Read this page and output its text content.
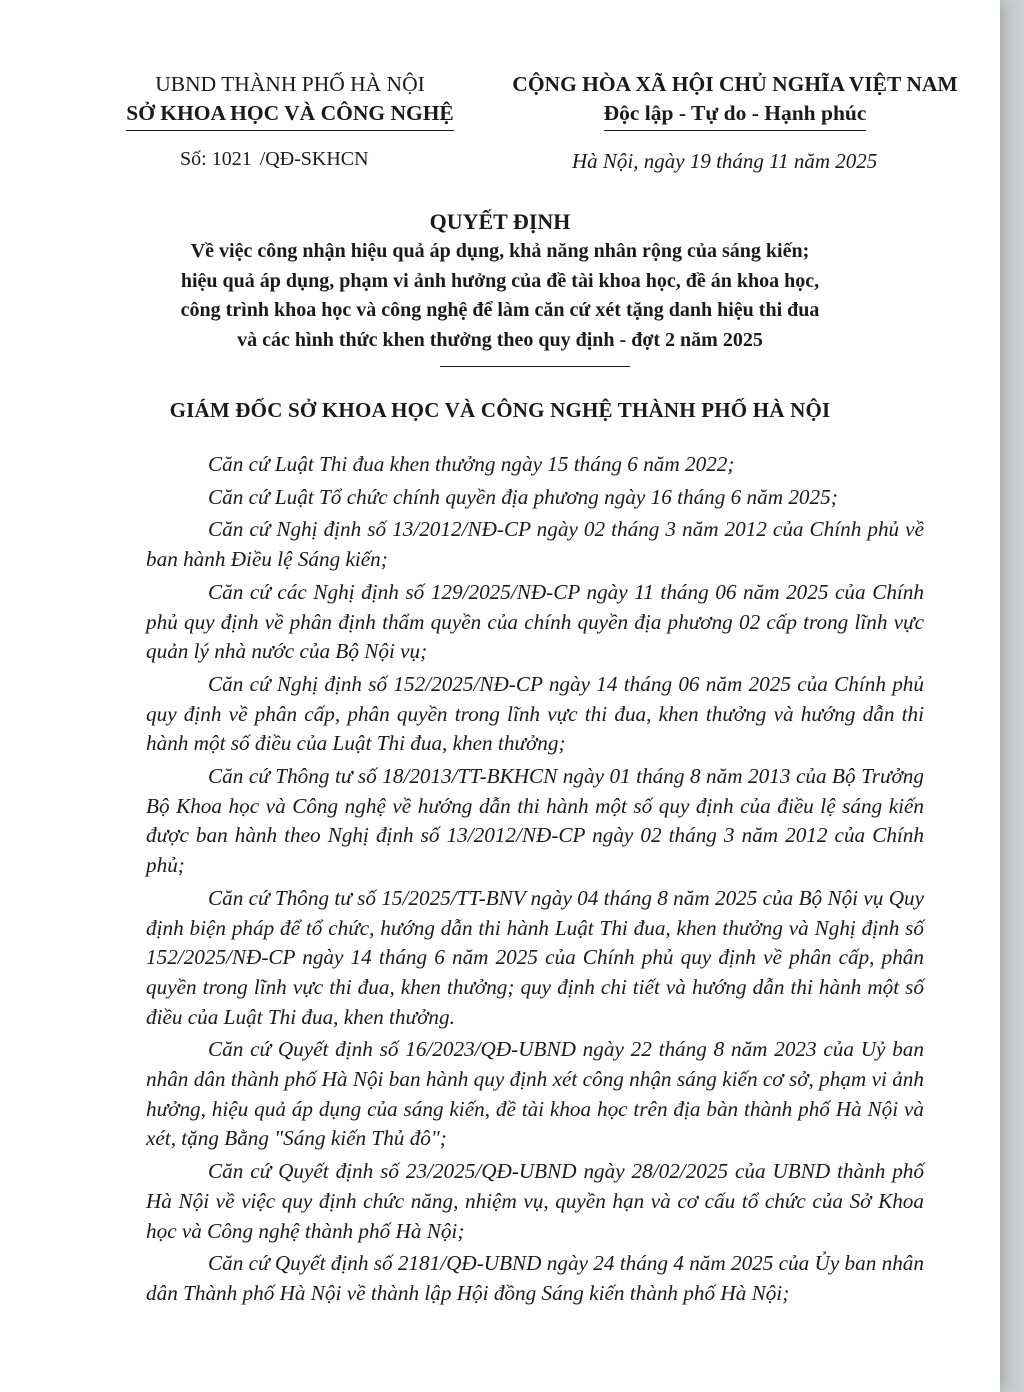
UBND THÀNH PHỐ HÀ NỘI
SỞ KHOA HỌC VÀ CÔNG NGHỆ
CỘNG HÒA XÃ HỘI CHỦ NGHĨA VIỆT NAM
Độc lập - Tự do - Hạnh phúc
Số: 1021 /QĐ-SKHCN	Hà Nội, ngày 19 tháng 11 năm 2025
QUYẾT ĐỊNH
Về việc công nhận hiệu quả áp dụng, khả năng nhân rộng của sáng kiến;
hiệu quả áp dụng, phạm vi ảnh hưởng của đề tài khoa học, đề án khoa học,
công trình khoa học và công nghệ để làm căn cứ xét tặng danh hiệu thi đua
và các hình thức khen thưởng theo quy định - đợt 2 năm 2025
GIÁM ĐỐC SỞ KHOA HỌC VÀ CÔNG NGHỆ THÀNH PHỐ HÀ NỘI

Căn cứ Luật Thi đua khen thưởng ngày 15 tháng 6 năm 2022;

Căn cứ Luật Tổ chức chính quyền địa phương ngày 16 tháng 6 năm 2025;

Căn cứ Nghị định số 13/2012/NĐ-CP ngày 02 tháng 3 năm 2012 của Chính phủ về ban hành Điều lệ Sáng kiến;

Căn cứ các Nghị định số 129/2025/NĐ-CP ngày 11 tháng 06 năm 2025 của Chính phủ quy định về phân định thẩm quyền của chính quyền địa phương 02 cấp trong lĩnh vực quản lý nhà nước của Bộ Nội vụ;

Căn cứ Nghị định số 152/2025/NĐ-CP ngày 14 tháng 06 năm 2025 của Chính phủ quy định về phân cấp, phân quyền trong lĩnh vực thi đua, khen thưởng và hướng dẫn thi hành một số điều của Luật Thi đua, khen thưởng;

Căn cứ Thông tư số 18/2013/TT-BKHCN ngày 01 tháng 8 năm 2013 của Bộ Trưởng Bộ Khoa học và Công nghệ về hướng dẫn thi hành một số quy định của điều lệ sáng kiến được ban hành theo Nghị định số 13/2012/NĐ-CP ngày 02 tháng 3 năm 2012 của Chính phủ;

Căn cứ Thông tư số 15/2025/TT-BNV ngày 04 tháng 8 năm 2025 của Bộ Nội vụ Quy định biện pháp để tổ chức, hướng dẫn thi hành Luật Thi đua, khen thưởng và Nghị định số 152/2025/NĐ-CP ngày 14 tháng 6 năm 2025 của Chính phủ quy định về phân cấp, phân quyền trong lĩnh vực thi đua, khen thưởng; quy định chi tiết và hướng dẫn thi hành một số điều của Luật Thi đua, khen thưởng.

Căn cứ Quyết định số 16/2023/QĐ-UBND ngày 22 tháng 8 năm 2023 của Uỷ ban nhân dân thành phố Hà Nội ban hành quy định xét công nhận sáng kiến cơ sở, phạm vi ảnh hưởng, hiệu quả áp dụng của sáng kiến, đề tài khoa học trên địa bàn thành phố Hà Nội và xét, tặng Bằng "Sáng kiến Thủ đô";

Căn cứ Quyết định số 23/2025/QĐ-UBND ngày 28/02/2025 của UBND thành phố Hà Nội về việc quy định chức năng, nhiệm vụ, quyền hạn và cơ cấu tổ chức của Sở Khoa học và Công nghệ thành phố Hà Nội;

Căn cứ Quyết định số 2181/QĐ-UBND ngày 24 tháng 4 năm 2025 của Ủy ban nhân dân Thành phố Hà Nội về thành lập Hội đồng Sáng kiến thành phố Hà Nội;
